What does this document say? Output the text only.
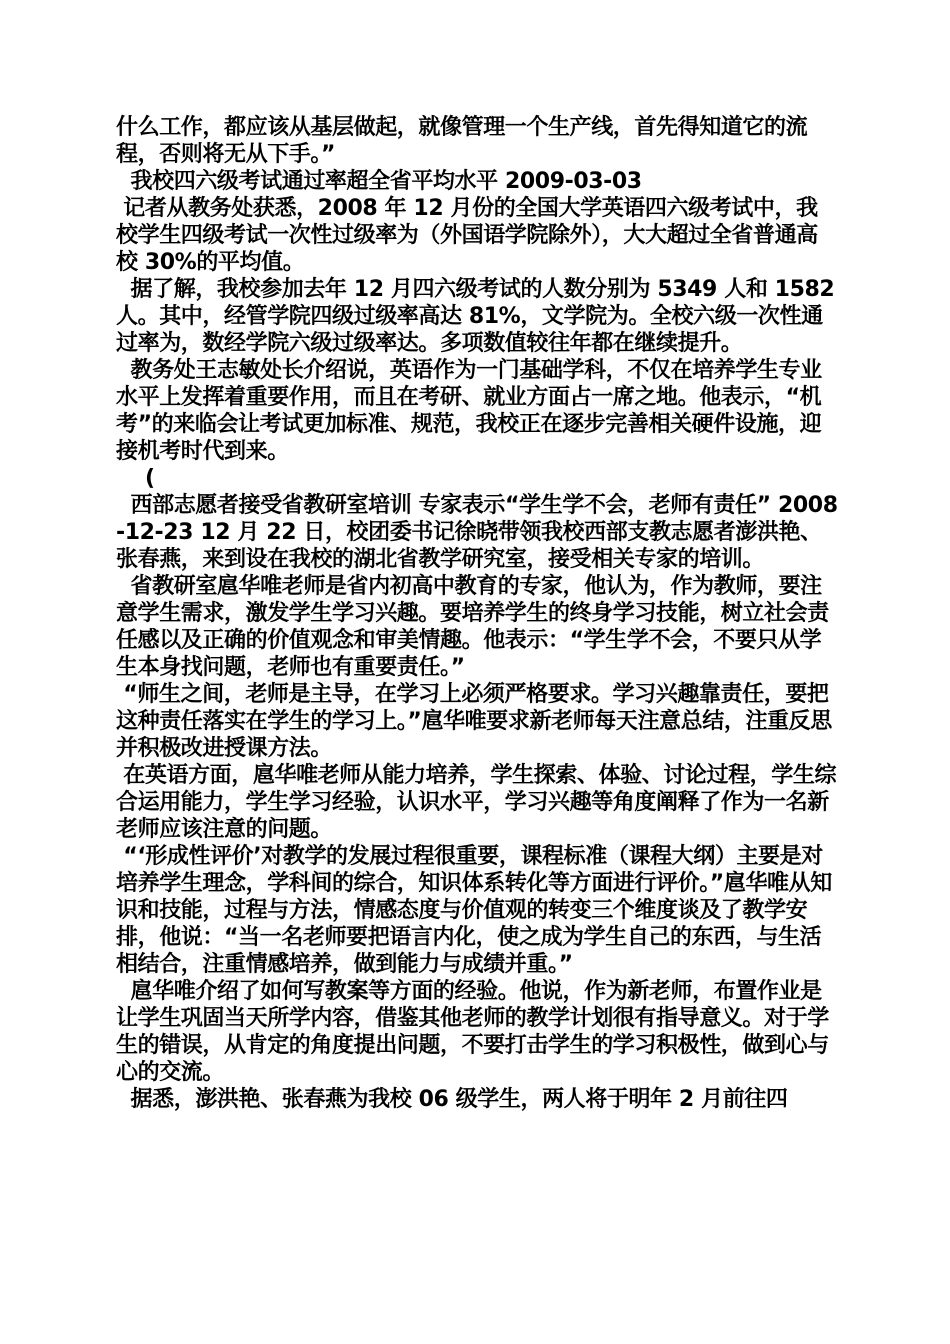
什么工作，都应该从基层做起，就像管理一个生产线，首先得知道它的流程，否则将无从下手。”

我校四六级考试通过率超全省平均水平 2009-03-03

记者从教务处获悉，2008 年 12 月份的全国大学英语四六级考试中，我校学生四级考试一次性过级率为（外国语学院除外），大大超过全省普通高校 30%的平均值。

据了解，我校参加去年 12 月四六级考试的人数分别为 5349 人和 1582 人。其中，经管学院四级过级率高达 81%，文学院为。全校六级一次性通过率为，数经学院六级过级率达。多项数值较往年都在继续提升。

教务处王志敏处长介绍说，英语作为一门基础学科，不仅在培养学生专业水平上发挥着重要作用，而且在考研、就业方面占一席之地。他表示，“机考”的来临会让考试更加标准、规范，我校正在逐步完善相关硬件设施，迎接机考时代到来。

(

西部志愿者接受省教研室培训 专家表示“学生学不会，老师有责任” 2008-12-23 12 月 22 日，校团委书记徐晓带领我校西部支教志愿者澎洪艳、张春燕，来到设在我校的湖北省教学研究室，接受相关专家的培训。

省教研室扈华唯老师是省内初高中教育的专家，他认为，作为教师，要注意学生需求，激发学生学习兴趣。要培养学生的终身学习技能，树立社会责任感以及正确的价值观念和审美情趣。他表示：“学生学不会，不要只从学生本身找问题，老师也有重要责任。”

“师生之间，老师是主导，在学习上必须严格要求。学习兴趣靠责任，要把这种责任落实在学生的学习上。”扈华唯要求新老师每天注意总结，注重反思并积极改进授课方法。

在英语方面，扈华唯老师从能力培养，学生探索、体验、讨论过程，学生综合运用能力，学生学习经验，认识水平，学习兴趣等角度阐释了作为一名新老师应该注意的问题。

“‘形成性评价’对教学的发展过程很重要，课程标准（课程大纲）主要是对培养学生理念，学科间的综合，知识体系转化等方面进行评价。”扈华唯从知识和技能，过程与方法，情感态度与价值观的转变三个维度谈及了教学安排，他说：“当一名老师要把语言内化，使之成为学生自己的东西，与生活相结合，注重情感培养，做到能力与成绩并重。”

扈华唯介绍了如何写教案等方面的经验。他说，作为新老师，布置作业是让学生巩固当天所学内容，借鉴其他老师的教学计划很有指导意义。对于学生的错误，从肯定的角度提出问题，不要打击学生的学习积极性，做到心与心的交流。

据悉，澎洪艳、张春燕为我校 06 级学生，两人将于明年 2 月前往四
